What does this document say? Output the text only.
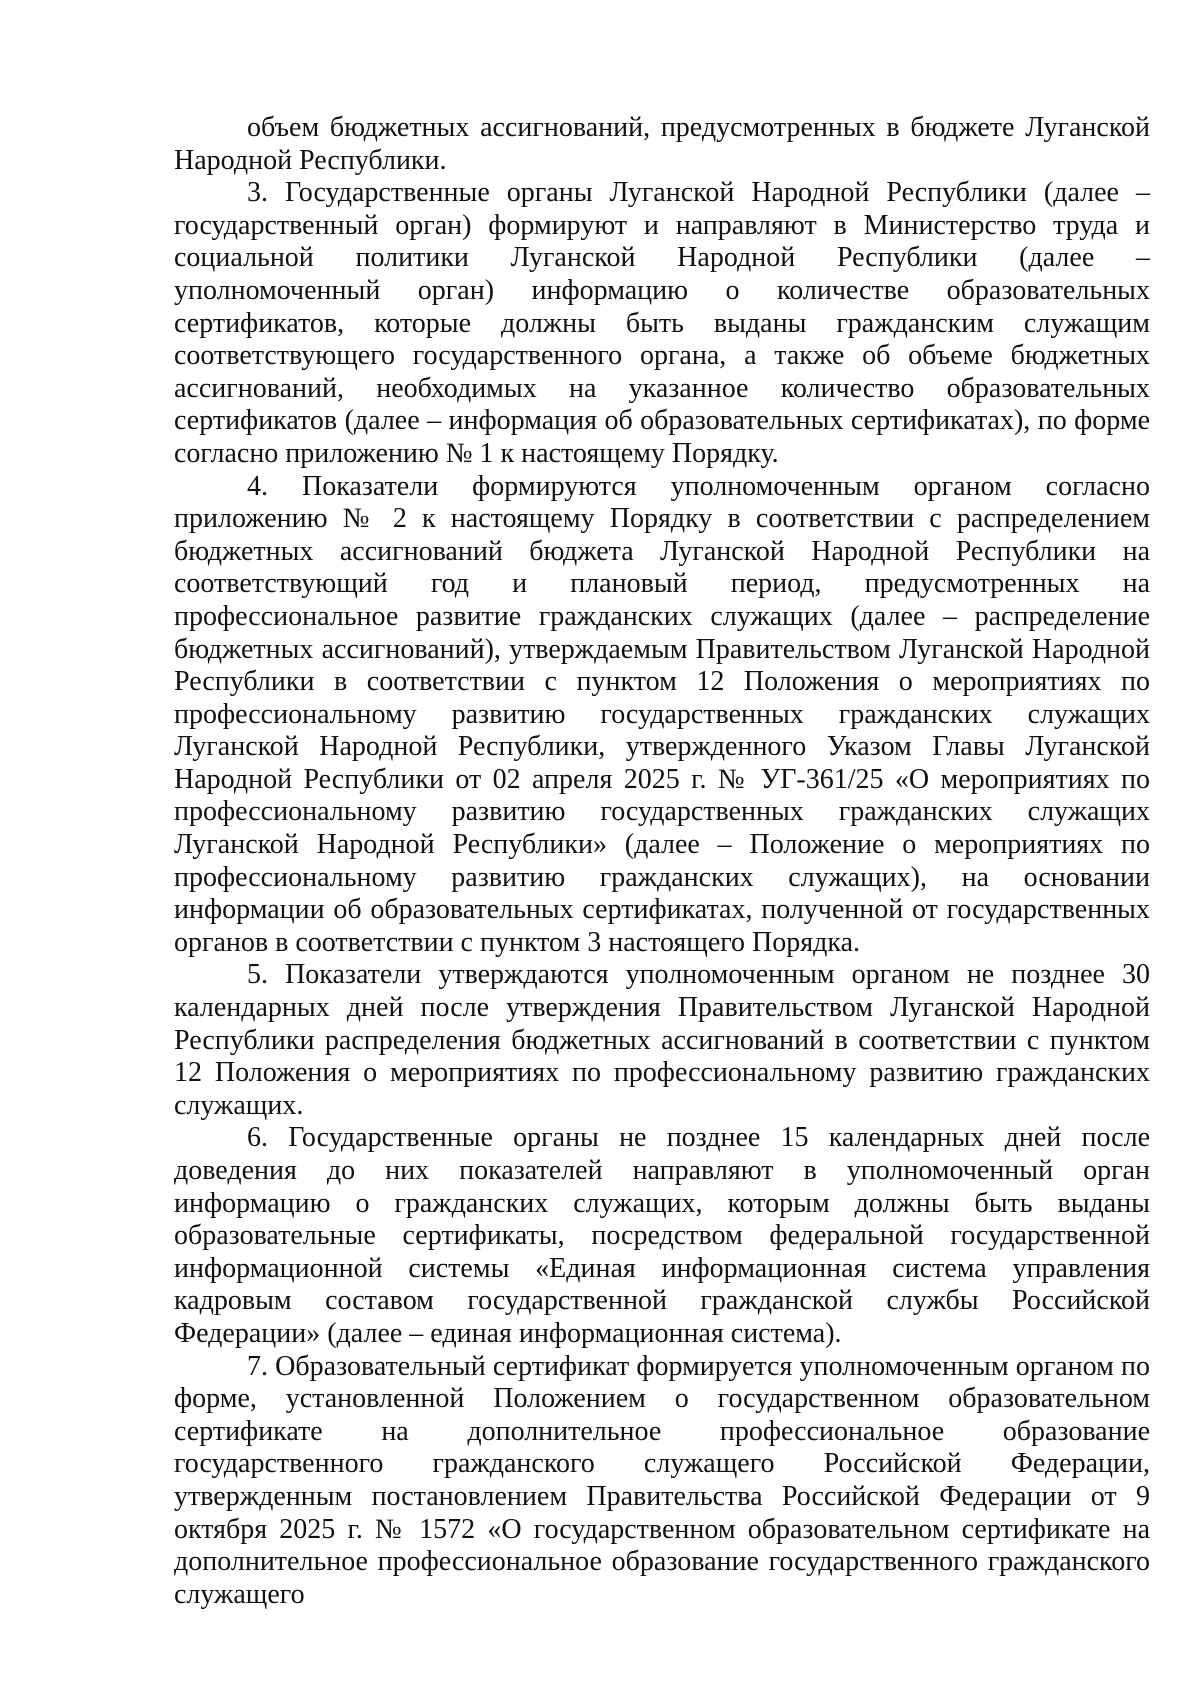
объем бюджетных ассигнований, предусмотренных в бюджете Луганской Народной Республики.

3. Государственные органы Луганской Народной Республики (далее – государственный орган) формируют и направляют в Министерство труда и социальной политики Луганской Народной Республики (далее – уполномоченный орган) информацию о количестве образовательных сертификатов, которые должны быть выданы гражданским служащим соответствующего государственного органа, а также об объеме бюджетных ассигнований, необходимых на указанное количество образовательных сертификатов (далее – информация об образовательных сертификатах), по форме согласно приложению № 1 к настоящему Порядку.

4. Показатели формируются уполномоченным органом согласно приложению № 2 к настоящему Порядку в соответствии с распределением бюджетных ассигнований бюджета Луганской Народной Республики на соответствующий год и плановый период, предусмотренных на профессиональное развитие гражданских служащих (далее – распределение бюджетных ассигнований), утверждаемым Правительством Луганской Народной Республики в соответствии с пунктом 12 Положения о мероприятиях по профессиональному развитию государственных гражданских служащих Луганской Народной Республики, утвержденного Указом Главы Луганской Народной Республики от 02 апреля 2025 г. № УГ-361/25 «О мероприятиях по профессиональному развитию государственных гражданских служащих Луганской Народной Республики» (далее – Положение о мероприятиях по профессиональному развитию гражданских служащих), на основании информации об образовательных сертификатах, полученной от государственных органов в соответствии с пунктом 3 настоящего Порядка.

5. Показатели утверждаются уполномоченным органом не позднее 30 календарных дней после утверждения Правительством Луганской Народной Республики распределения бюджетных ассигнований в соответствии с пунктом 12 Положения о мероприятиях по профессиональному развитию гражданских служащих.

6. Государственные органы не позднее 15 календарных дней после доведения до них показателей направляют в уполномоченный орган информацию о гражданских служащих, которым должны быть выданы образовательные сертификаты, посредством федеральной государственной информационной системы «Единая информационная система управления кадровым составом государственной гражданской службы Российской Федерации» (далее – единая информационная система).

7. Образовательный сертификат формируется уполномоченным органом по форме, установленной Положением о государственном образовательном сертификате на дополнительное профессиональное образование государственного гражданского служащего Российской Федерации, утвержденным постановлением Правительства Российской Федерации от 9 октября 2025 г. № 1572 «О государственном образовательном сертификате на дополнительное профессиональное образование государственного гражданского служащего
